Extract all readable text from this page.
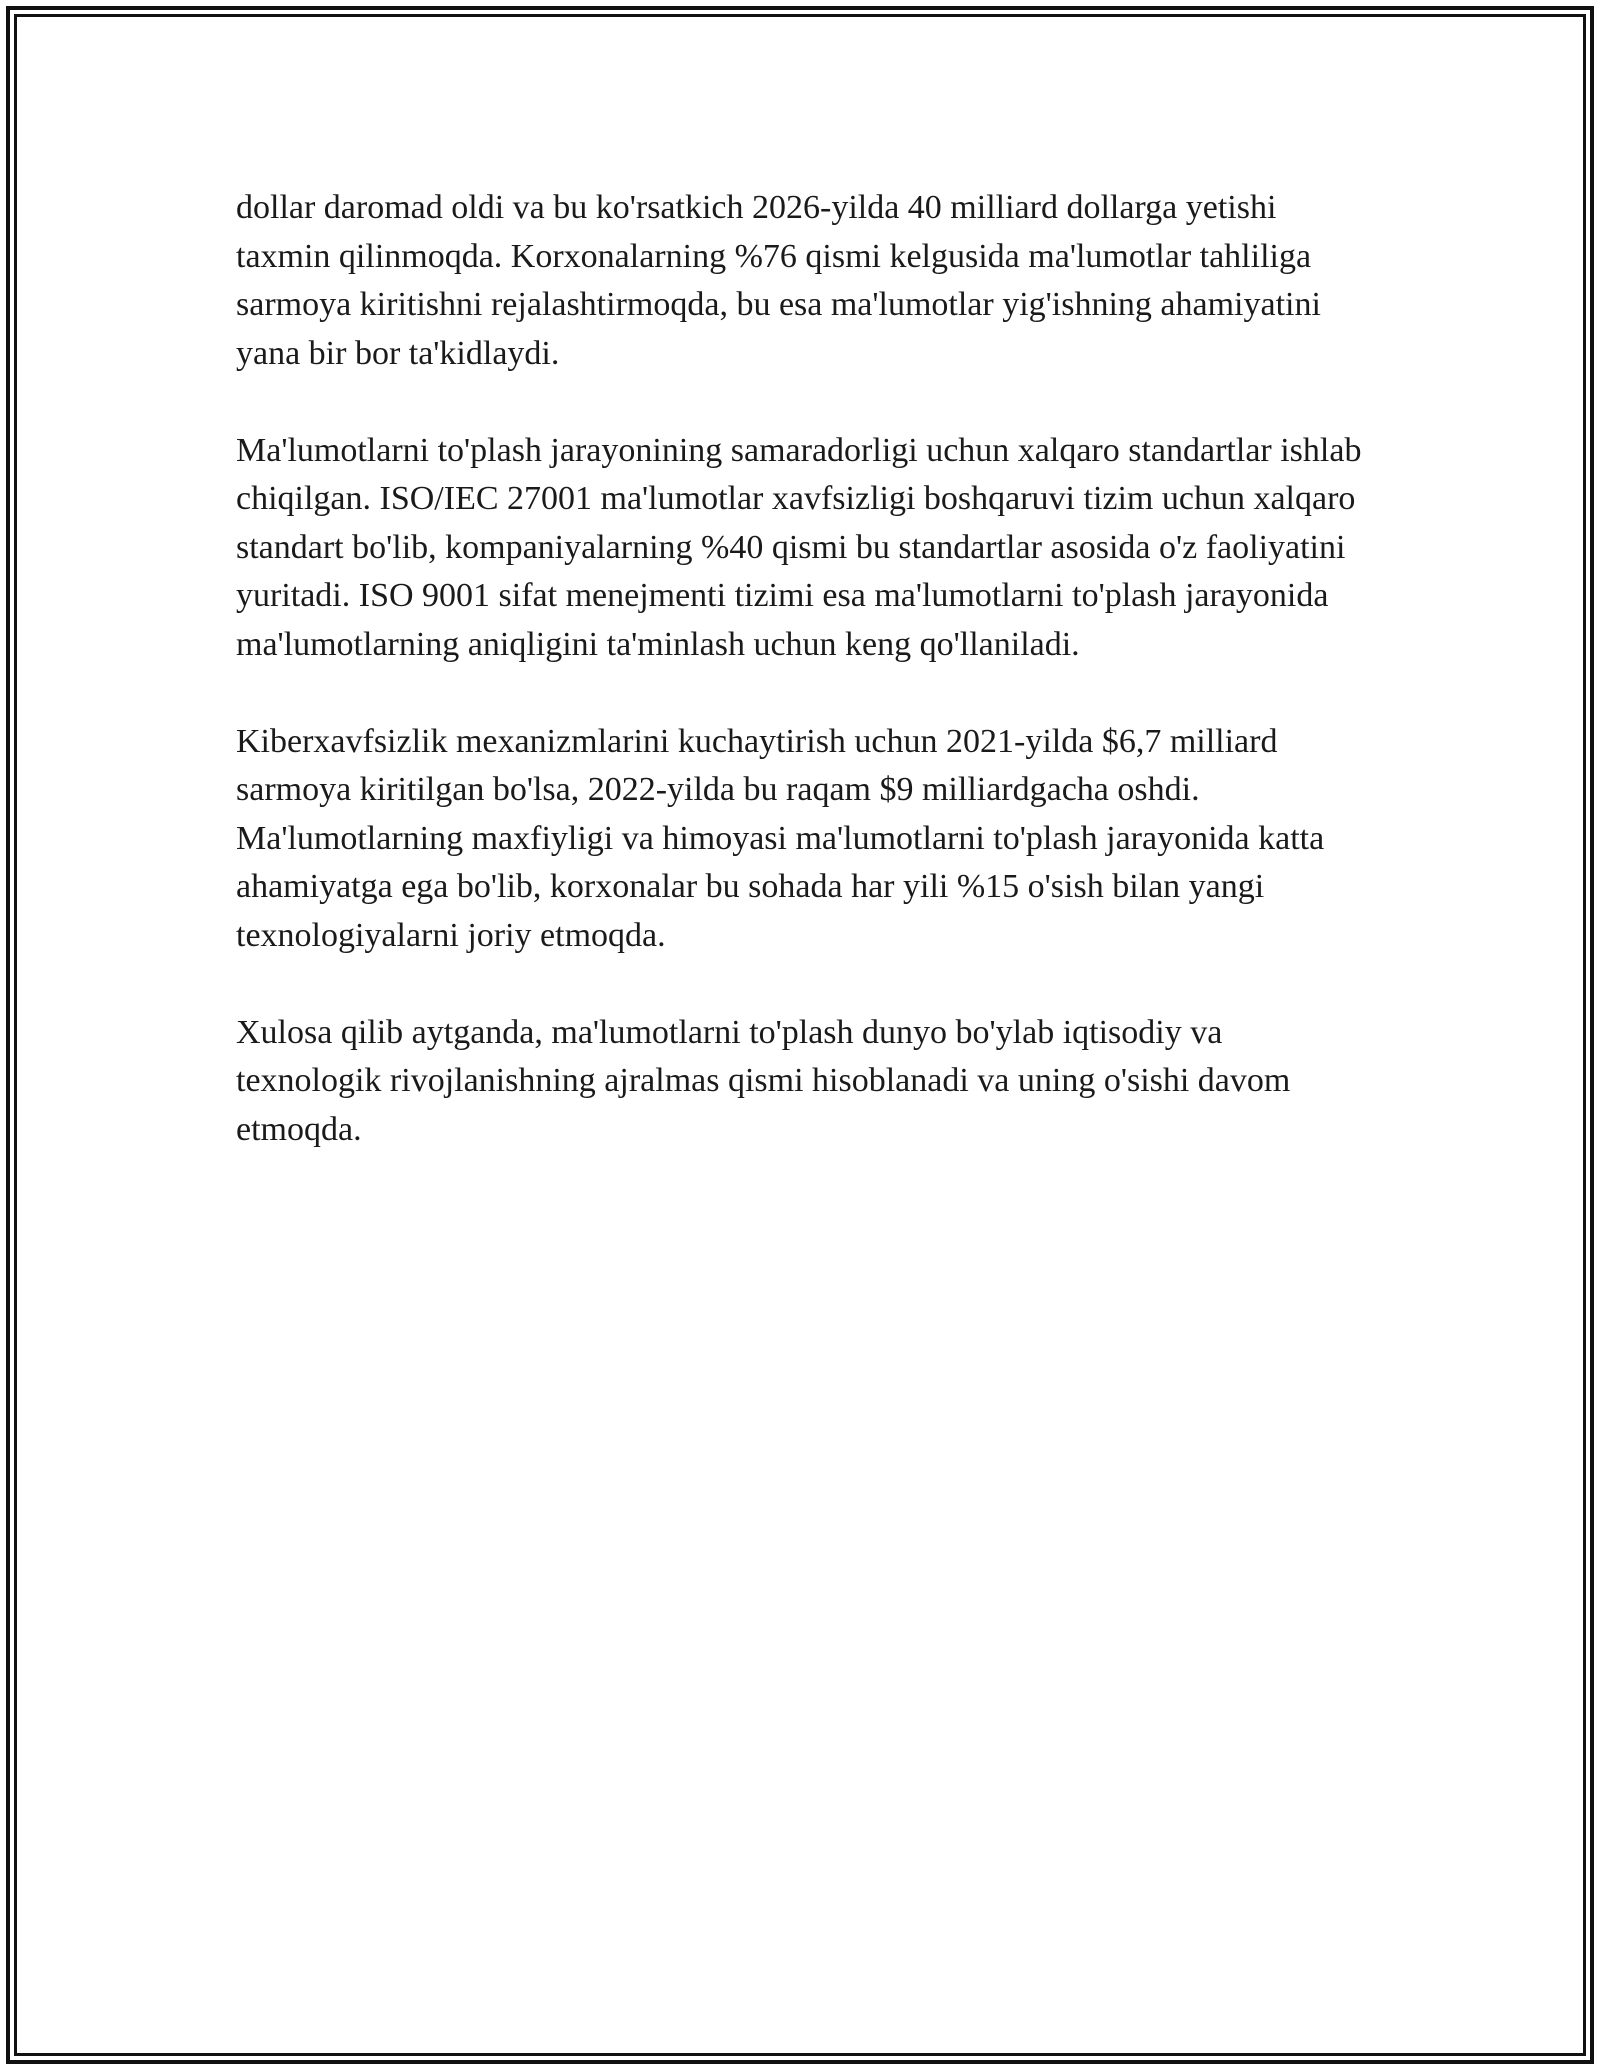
dollar daromad oldi va bu ko'rsatkich 2026-yilda 40 milliard dollarga yetishi taxmin qilinmoqda. Korxonalarning %76 qismi kelgusida ma'lumotlar tahliliga sarmoya kiritishni rejalashtirmoqda, bu esa ma'lumotlar yig'ishning ahamiyatini yana bir bor ta'kidlaydi.

Ma'lumotlarni to'plash jarayonining samaradorligi uchun xalqaro standartlar ishlab chiqilgan. ISO/IEC 27001 ma'lumotlar xavfsizligi boshqaruvi tizim uchun xalqaro standart bo'lib, kompaniyalarning %40 qismi bu standartlar asosida o'z faoliyatini yuritadi. ISO 9001 sifat menejmenti tizimi esa ma'lumotlarni to'plash jarayonida ma'lumotlarning aniqligini ta'minlash uchun keng qo'llaniladi.

Kiberxavfsizlik mexanizmlarini kuchaytirish uchun 2021-yilda $6,7 milliard sarmoya kiritilgan bo'lsa, 2022-yilda bu raqam $9 milliardgacha oshdi. Ma'lumotlarning maxfiyligi va himoyasi ma'lumotlarni to'plash jarayonida katta ahamiyatga ega bo'lib, korxonalar bu sohada har yili %15 o'sish bilan yangi texnologiyalarni joriy etmoqda.

Xulosa qilib aytganda, ma'lumotlarni to'plash dunyo bo'ylab iqtisodiy va texnologik rivojlanishning ajralmas qismi hisoblanadi va uning o'sishi davom etmoqda.
